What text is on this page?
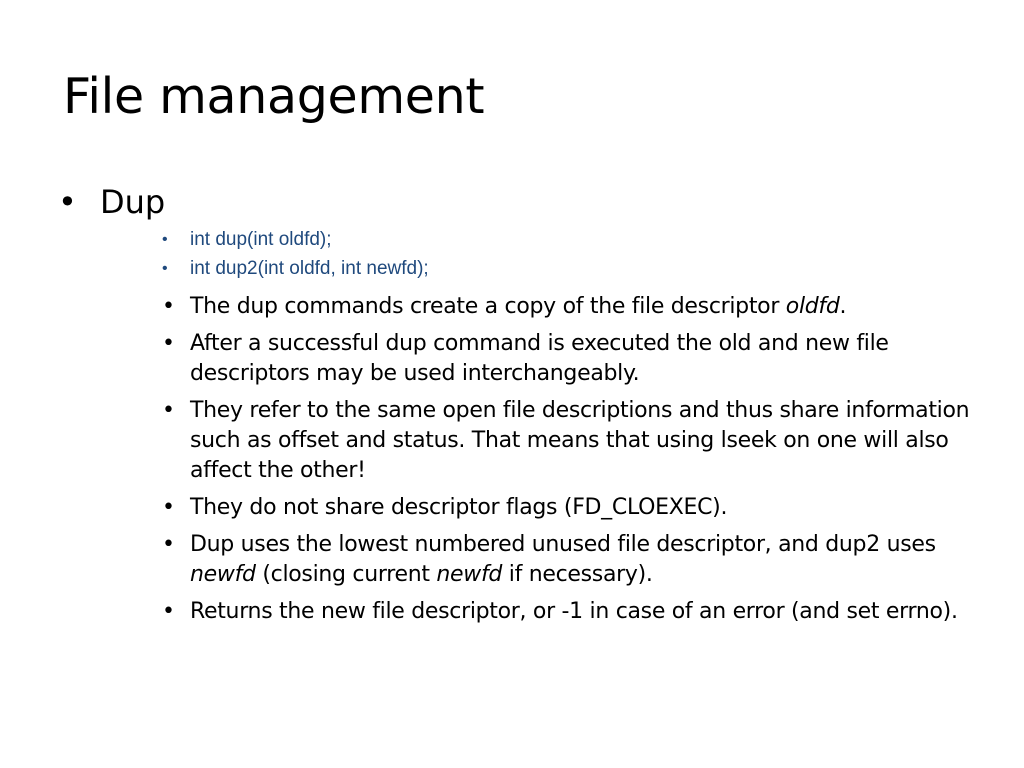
File management
• Dup
• int dup(int oldfd);
• int dup2(int oldfd, int newfd);
• The dup commands create a copy of the file descriptor oldfd.
• After a successful dup command is executed the old and new file descriptors may be used interchangeably.
• They refer to the same open file descriptions and thus share information such as offset and status. That means that using lseek on one will also affect the other!
• They do not share descriptor flags (FD_CLOEXEC).
• Dup uses the lowest numbered unused file descriptor, and dup2 uses newfd (closing current newfd if necessary).
• Returns the new file descriptor, or -1 in case of an error (and set errno).
